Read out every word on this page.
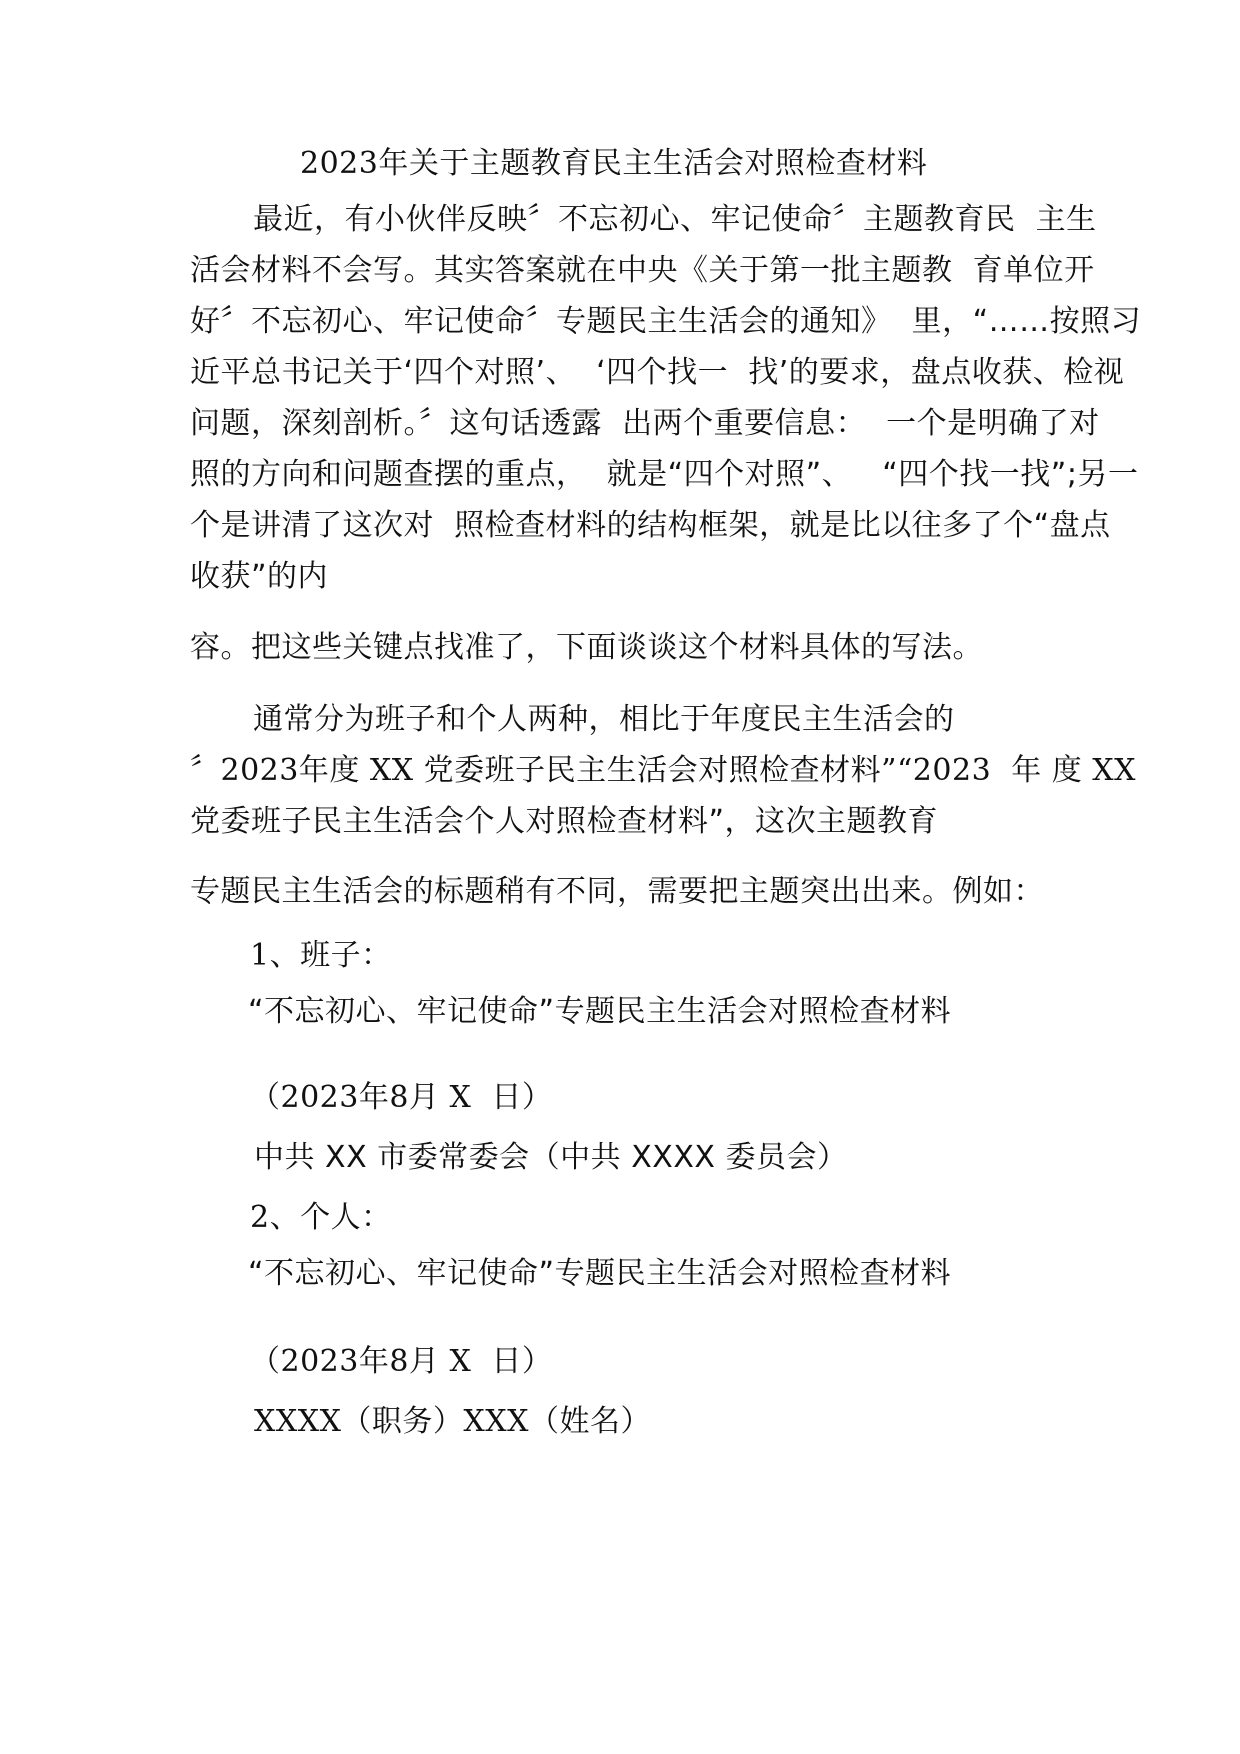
2023年关于主题教育民主生活会对照检查材料
最近，有小伙伴反映〞不忘初心、牢记使命〞主题教育民  主生
活会材料不会写。其实答案就在中央《关于第一批主题教  育单位开
好〞不忘初心、牢记使命〞专题民主生活会的通知》  里，“……按照习
近平总书记关于‘四个对照’、  ‘四个找一  找’的要求，盘点收获、检视
问题，深刻剖析。〞这句话透露  出两个重要信息：  一个是明确了对
照的方向和问题查摆的重点，  就是“四个对照”、   “四个找一找”;另一
个是讲清了这次对  照检查材料的结构框架，就是比以往多了个“盘点
收获”的内
容。把这些关键点找准了，下面谈谈这个材料具体的写法。
通常分为班子和个人两种，相比于年度民主生活会的
〞2023年度 XX 党委班子民主生活会对照检查材料”“2023  年 度 XX
党委班子民主生活会个人对照检查材料”，这次主题教育
专题民主生活会的标题稍有不同，需要把主题突出出来。例如：
1、班子：
“不忘初心、牢记使命”专题民主生活会对照检查材料
（2023年8月 X  日）
中共 XX 市委常委会（中共 XXXX 委员会）
2、个人：
“不忘初心、牢记使命”专题民主生活会对照检查材料
（2023年8月 X  日）
XXXX（职务）XXX（姓名）
